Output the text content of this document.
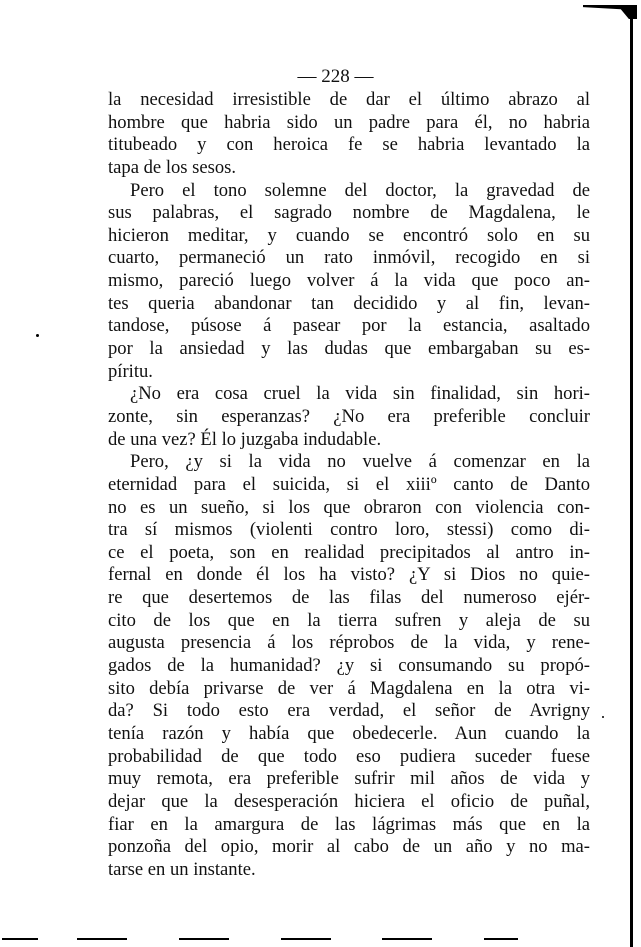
— 228 —
la necesidad irresistible de dar el último abrazo al
hombre que habria sido un padre para él, no habria
titubeado y con heroica fe se habria levantado la
tapa de los sesos.
Pero el tono solemne del doctor, la gravedad de
sus palabras, el sagrado nombre de Magdalena, le
hicieron meditar, y cuando se encontró solo en su
cuarto, permaneció un rato inmóvil, recogido en si
mismo, pareció luego volver á la vida que poco an-
tes queria abandonar tan decidido y al fin, levan-
tandose, púsose á pasear por la estancia, asaltado
por la ansiedad y las dudas que embargaban su es-
píritu.
¿No era cosa cruel la vida sin finalidad, sin hori-
zonte, sin esperanzas? ¿No era preferible concluir
de una vez? Él lo juzgaba indudable.
Pero, ¿y si la vida no vuelve á comenzar en la
eternidad para el suicida, si el xiiiº canto de Danto
no es un sueño, si los que obraron con violencia con-
tra sí mismos (violenti contro loro, stessi) como di-
ce el poeta, son en realidad precipitados al antro in-
fernal en donde él los ha visto? ¿Y si Dios no quie-
re que desertemos de las filas del numeroso ejér-
cito de los que en la tierra sufren y aleja de su
augusta presencia á los réprobos de la vida, y rene-
gados de la humanidad? ¿y si consumando su propó-
sito debía privarse de ver á Magdalena en la otra vi-
da? Si todo esto era verdad, el señor de Avrigny
tenía razón y había que obedecerle. Aun cuando la
probabilidad de que todo eso pudiera suceder fuese
muy remota, era preferible sufrir mil años de vida y
dejar que la desesperación hiciera el oficio de puñal,
fiar en la amargura de las lágrimas más que en la
ponzoña del opio, morir al cabo de un año y no ma-
tarse en un instante.
